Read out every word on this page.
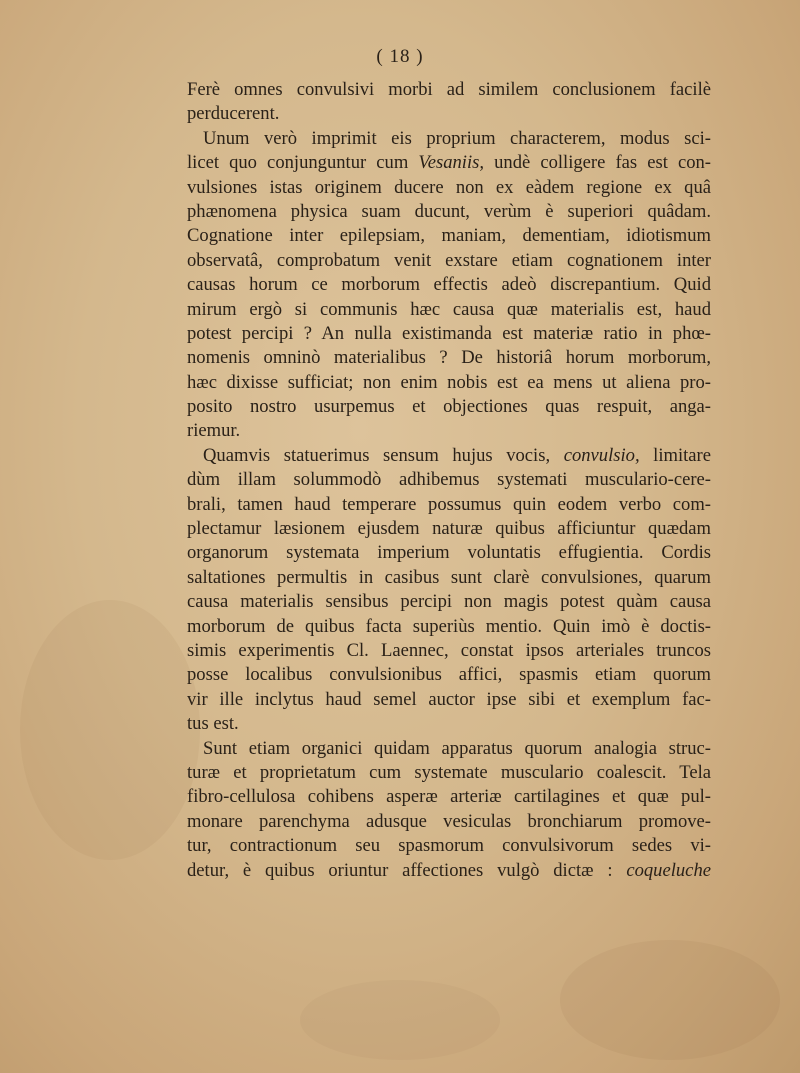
( 18 )
Ferè omnes convulsivi morbi ad similem conclusionem facilè
perducerent.
Unum verò imprimit eis proprium characterem, modus sci-
licet quo conjunguntur cum Vesaniis, undè colligere fas est con-
vulsiones istas originem ducere non ex eàdem regione ex quâ
phænomena physica suam ducunt, verùm è superiori quâdam.
Cognatione inter epilepsiam, maniam, dementiam, idiotismum
observatâ, comprobatum venit exstare etiam cognationem inter
causas horum ce morborum effectis adeò discrepantium. Quid
mirum ergò si communis hæc causa quæ materialis est, haud
potest percipi ? An nulla existimanda est materiæ ratio in phœ-
nomenis omninò materialibus ? De historiâ horum morborum,
hæc dixisse sufficiat; non enim nobis est ea mens ut aliena pro-
posito nostro usurpemus et objectiones quas respuit, anga-
riemur.
Quamvis statuerimus sensum hujus vocis, convulsio, limitare
dùm illam solummodò adhibemus systemati musculario-cere-
brali, tamen haud temperare possumus quin eodem verbo com-
plectamur læsionem ejusdem naturæ quibus afficiuntur quædam
organorum systemata imperium voluntatis effugientia. Cordis
saltationes permultis in casibus sunt clarè convulsiones, quarum
causa materialis sensibus percipi non magis potest quàm causa
morborum de quibus facta superiùs mentio. Quin imò è doctis-
simis experimentis Cl. Laennec, constat ipsos arteriales truncos
posse localibus convulsionibus affici, spasmis etiam quorum
vir ille inclytus haud semel auctor ipse sibi et exemplum fac-
tus est.
Sunt etiam organici quidam apparatus quorum analogia struc-
turæ et proprietatum cum systemate musculario coalescit. Tela
fibro-cellulosa cohibens asperæ arteriæ cartilagines et quæ pul-
monare parenchyma adusque vesiculas bronchiarum promove-
tur, contractionum seu spasmorum convulsivorum sedes vi-
detur, è quibus oriuntur affectiones vulgò dictæ : coqueluche
